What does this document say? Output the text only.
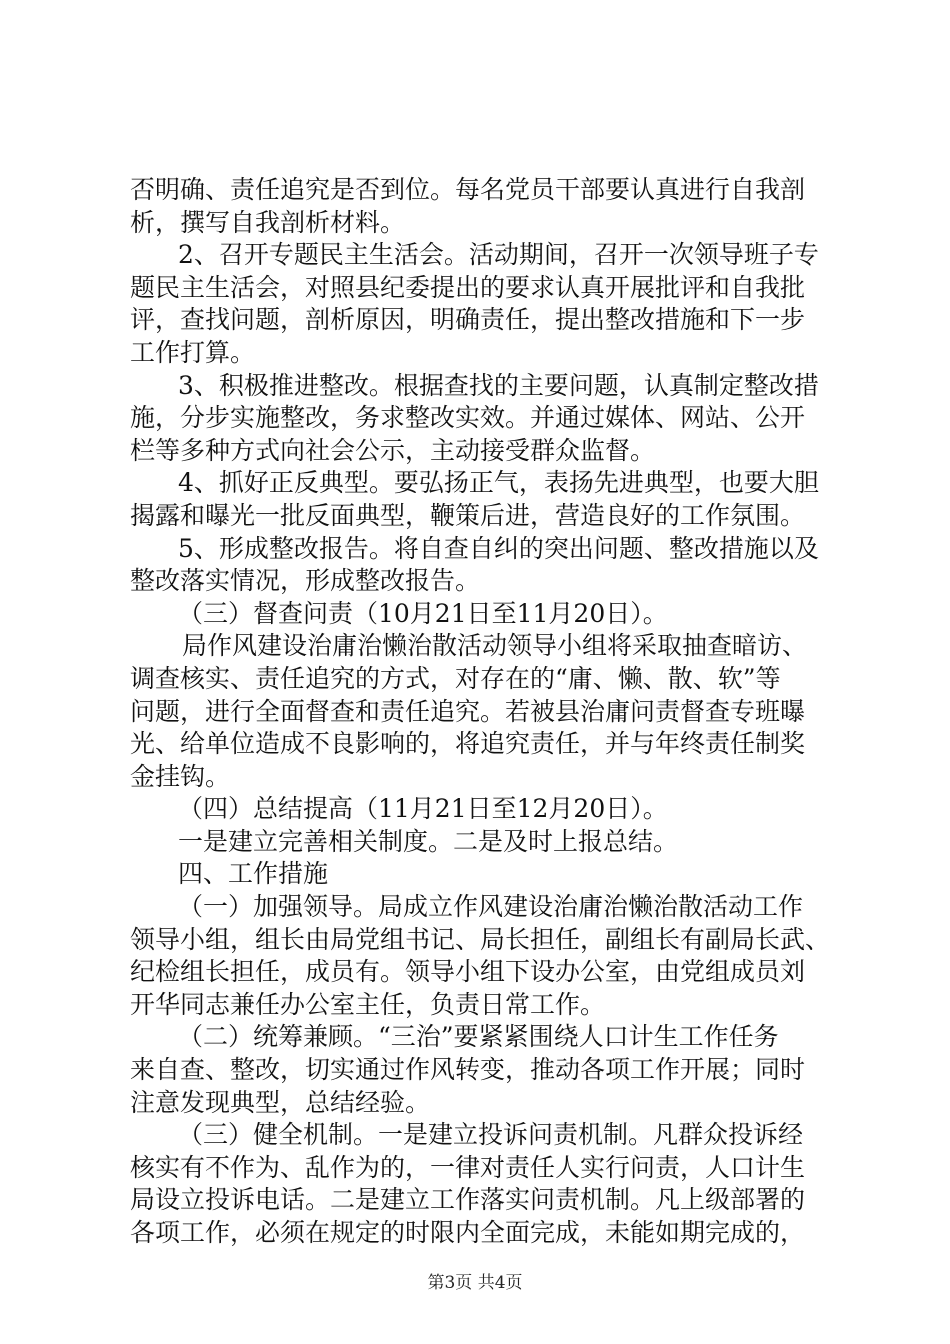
否明确、责任追究是否到位。每名党员干部要认真进行自我剖
析，撰写自我剖析材料。
2、召开专题民主生活会。活动期间，召开一次领导班子专
题民主生活会，对照县纪委提出的要求认真开展批评和自我批
评，查找问题，剖析原因，明确责任，提出整改措施和下一步
工作打算。
3、积极推进整改。根据查找的主要问题，认真制定整改措
施，分步实施整改，务求整改实效。并通过媒体、网站、公开
栏等多种方式向社会公示，主动接受群众监督。
4、抓好正反典型。要弘扬正气，表扬先进典型，也要大胆
揭露和曝光一批反面典型，鞭策后进，营造良好的工作氛围。
5、形成整改报告。将自查自纠的突出问题、整改措施以及
整改落实情况，形成整改报告。
（三）督查问责（10月21日至11月20日）。
局作风建设治庸治懒治散活动领导小组将采取抽查暗访、
调查核实、责任追究的方式，对存在的“庸、懒、散、软”等
问题，进行全面督查和责任追究。若被县治庸问责督查专班曝
光、给单位造成不良影响的，将追究责任，并与年终责任制奖
金挂钩。
（四）总结提高（11月21日至12月20日）。
一是建立完善相关制度。二是及时上报总结。
四、工作措施
（一）加强领导。局成立作风建设治庸治懒治散活动工作
领导小组，组长由局党组书记、局长担任，副组长有副局长武、
纪检组长担任，成员有。领导小组下设办公室，由党组成员刘
开华同志兼任办公室主任，负责日常工作。
（二）统筹兼顾。“三治”要紧紧围绕人口计生工作任务
来自查、整改，切实通过作风转变，推动各项工作开展；同时
注意发现典型，总结经验。
（三）健全机制。一是建立投诉问责机制。凡群众投诉经
核实有不作为、乱作为的，一律对责任人实行问责，人口计生
局设立投诉电话。二是建立工作落实问责机制。凡上级部署的
各项工作，必须在规定的时限内全面完成，未能如期完成的，
第3页 共4页
